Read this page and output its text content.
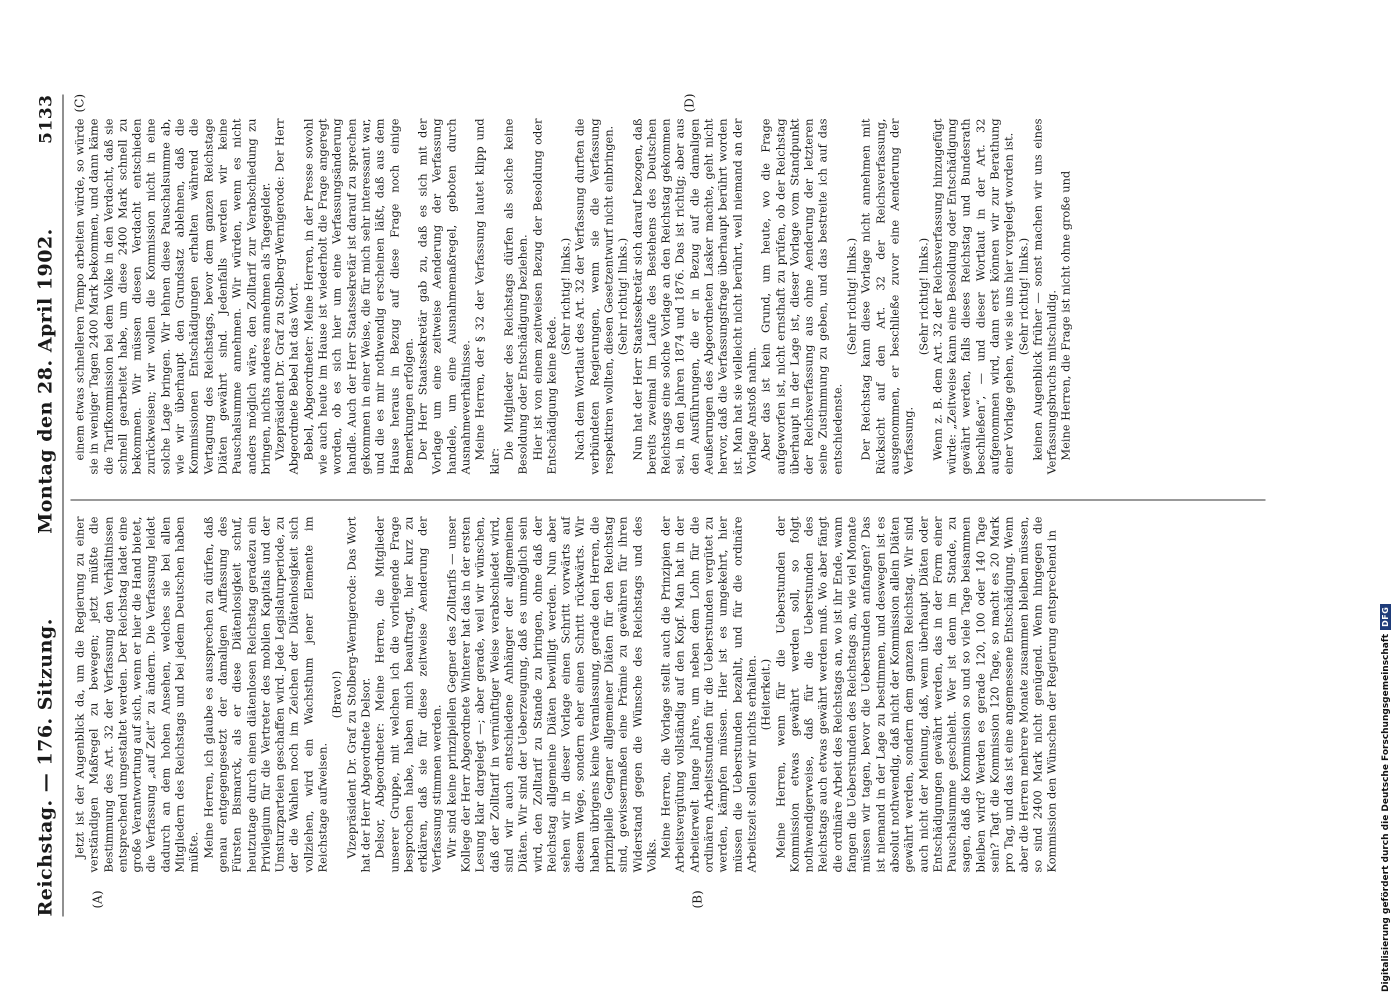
Reichstag. — 176. Sitzung.
Montag den 28. April 1902.
5133
(A)	(B)
(C)	(D)

Jetzt ist der Augenblick da, um die Regierung zu einer verständigen Maßregel zu bewegen; jetzt müßte die Bestimmung des Art. 32 der Verfassung den Verhältnissen entsprechend umgestaltet werden. Der Reichstag ladet eine große Verantwortung auf sich, wenn er hier die Hand bietet, die Verfassung „auf Zeit“ zu ändern. Die Verfassung leidet dadurch an dem hohen Ansehen, welches sie bei allen Mitgliedern des Reichstags und bei jedem Deutschen haben müßte. Meine Herren, ich glaube es aussprechen zu dürfen, daß genau entgegengesetzt der damaligen Auffassung des Fürsten Bismarck, als er diese Diätenlosigkeit schuf, heutzutage durch einen diätenlosen Reichstag geradezu ein Privilegium für die Vertreter des mobilen Kapitals und der Umsturzparteien geschaffen wird. Jede Legislaturperiode, zu der die Wahlen noch im Zeichen der Diätenlosigkeit sich vollziehen, wird ein Wachsthum jener Elemente im Reichstage aufweisen.

(Bravo!) Vizepräsident Dr. Graf zu Stolberg-Wernigerode: Das Wort hat der Herr Abgeordnete Delsor. Delsor, Abgeordneter: Meine Herren, die Mitglieder unserer Gruppe, mit welchen ich die vorliegende Frage besprochen habe, haben mich beauftragt, hier kurz zu erklären, daß sie für diese zeitweise Aenderung der Verfassung stimmen werden. Wir sind keine prinzipiellen Gegner des Zolltarifs — unser Kollege der Herr Abgeordnete Winterer hat das in der ersten Lesung klar dargelegt —; aber gerade, weil wir wünschen, daß der Zolltarif in vernünftiger Weise verabschiedet wird, sind wir auch entschiedene Anhänger der allgemeinen Diäten. Wir sind der Ueberzeugung, daß es unmöglich sein wird, den Zolltarif zu Stande zu bringen, ohne daß der Reichstag allgemeine Diäten bewilligt werden. Nun aber sehen wir in dieser Vorlage einen Schritt vorwärts auf diesem Wege, sondern eher einen Schritt rückwärts. Wir haben übrigens keine Veranlassung, gerade den Herren, die prinzipielle Gegner allgemeiner Diäten für den Reichstag sind, gewissermaßen eine Prämie zu gewähren für ihren Widerstand gegen die Wünsche des Reichstags und des Volks. Meine Herren, die Vorlage stellt auch die Prinzipien der Arbeitsvergütung vollständig auf den Kopf. Man hat in der Arbeiterwelt lange Jahre, um neben dem Lohn für die ordinären Arbeitsstunden für die Ueberstunden vergütet zu werden, kämpfen müssen. Hier ist es umgekehrt, hier müssen die Ueberstunden bezahlt, und für die ordinäre Arbeitszeit sollen wir nichts erhalten. (Heiterkeit.) Meine Herren, wenn für die Ueberstunden der Kommission etwas gewährt werden soll, so folgt nothwendigerweise, daß für die Ueberstunden des Reichstags auch etwas gewährt werden muß. Wo aber fängt die ordinäre Arbeit des Reichstags an, wo ist ihr Ende, wann fangen die Ueberstunden des Reichstags an, wie viel Monate müssen wir tagen, bevor die Ueberstunden anfangen? Das ist niemand in der Lage zu bestimmen, und deswegen ist es absolut nothwendig, daß nicht der Kommission allein Diäten gewährt werden, sondern dem ganzen Reichstag. Wir sind auch nicht der Meinung, daß, wenn überhaupt Diäten oder Entschädigungen gewährt werden, das in der Form einer Pauschalsumme geschieht. Wer ist denn im Stande, zu sagen, daß die Kommission so und so viele Tage beisammen bleiben wird? Werden es gerade 120, 100 oder 140 Tage sein? Tagt die Kommission 120 Tage, so macht es 20 Mark pro Tag, und das ist eine angemessene Entschädigung. Wenn aber die Herren mehrere Monate zusammen bleiben müssen, so sind 2400 Mark nicht genügend. Wenn hingegen die Kommission den Wünschen der Regierung entsprechend in

einem etwas schnelleren Tempo arbeiten würde, so würde sie in weniger Tagen 2400 Mark bekommen, und dann käme die Tarifkommission bei dem Volke in den Verdacht, daß sie schnell gearbeitet habe, um diese 2400 Mark schnell zu bekommen. Wir müssen diesen Verdacht entschieden zurückweisen; wir wollen die Kommission nicht in eine solche Lage bringen. Wir lehnen diese Pauschalsumme ab, wie wir überhaupt den Grundsatz ablehnen, daß die Kommissionen Entschädigungen erhalten während die Vertagung des Reichstags, bevor dem ganzen Reichstage Diäten gewährt sind. Jedenfalls werden wir keine Pauschalsumme annehmen. Wir würden, wenn es nicht anders möglich wäre, den Zolltarif zur Verabschiedung zu bringen, nichts anderes annehmen als Tagegelder. Vizepräsident Dr. Graf zu Stolberg-Wernigerode: Der Herr Abgeordnete Bebel hat das Wort. Bebel, Abgeordneter: Meine Herren, in der Presse sowohl wie auch heute im Hause ist wiederholt die Frage angeregt worden, ob es sich hier um eine Verfassungsänderung handle. Auch der Herr Staatssekretär ist darauf zu sprechen gekommen in einer Weise, die für mich sehr interessant war, und die es mir nothwendig erscheinen läßt, daß aus dem Hause heraus in Bezug auf diese Frage noch einige Bemerkungen erfolgen. Der Herr Staatssekretär gab zu, daß es sich mit der Vorlage um eine zeitweise Aenderung der Verfassung handele, um eine Ausnahmemaßregel, geboten durch Ausnahmeverhältnisse. Meine Herren, der § 32 der Verfassung lautet klipp und klar:

Die Mitglieder des Reichstags dürfen als solche keine Besoldung oder Entschädigung beziehen. Hier ist von einem zeitweisen Bezug der Besoldung oder Entschädigung keine Rede.

(Sehr richtig! links.) Nach dem Wortlaut des Art. 32 der Verfassung durften die verbündeten Regierungen, wenn sie die Verfassung respektiren wollten, diesen Gesetzentwurf nicht einbringen. (Sehr richtig! links.) Nun hat der Herr Staatssekretär sich darauf bezogen, daß bereits zweimal im Laufe des Bestehens des Deutschen Reichstags eine solche Vorlage an den Reichstag gekommen sei, in den Jahren 1874 und 1876. Das ist richtig; aber aus den Ausführungen, die er in Bezug auf die damaligen Aeußerungen des Abgeordneten Lasker machte, geht nicht hervor, daß die Verfassungsfrage überhaupt berührt worden ist. Man hat sie vielleicht nicht berührt, weil niemand an der Vorlage Anstoß nahm. Aber das ist kein Grund, um heute, wo die Frage aufgeworfen ist, nicht ernsthaft zu prüfen, ob der Reichstag überhaupt in der Lage ist, dieser Vorlage vom Standpunkt der Reichsverfassung aus ohne Aenderung der letzteren seine Zustimmung zu geben, und das bestreite ich auf das entschiedenste.

(Sehr richtig! links.) Der Reichstag kann diese Vorlage nicht annehmen mit Rücksicht auf den Art. 32 der Reichsverfassung, ausgenommen, er beschließe zuvor eine Aenderung der Verfassung.

(Sehr richtig! links.) Wenn z. B. dem Art. 32 der Reichsverfassung hinzugefügt würde: „Zeitweise kann eine Besoldung oder Entschädigung gewährt werden, falls dieses Reichstag und Bundesrath beschließen“, — und dieser Wortlaut in der Art. 32 aufgenommen wird, dann erst können wir zur Berathung einer Vorlage gehen, wie sie uns hier vorgelegt worden ist. (Sehr richtig! links.) keinen Augenblick früher — sonst machen wir uns eines Verfassungsbruchs mitschuldig. Meine Herren, die Frage ist nicht ohne große und

Digitalisierung gefördert durch die Deutsche Forschungsgemeinschaft
DFG
